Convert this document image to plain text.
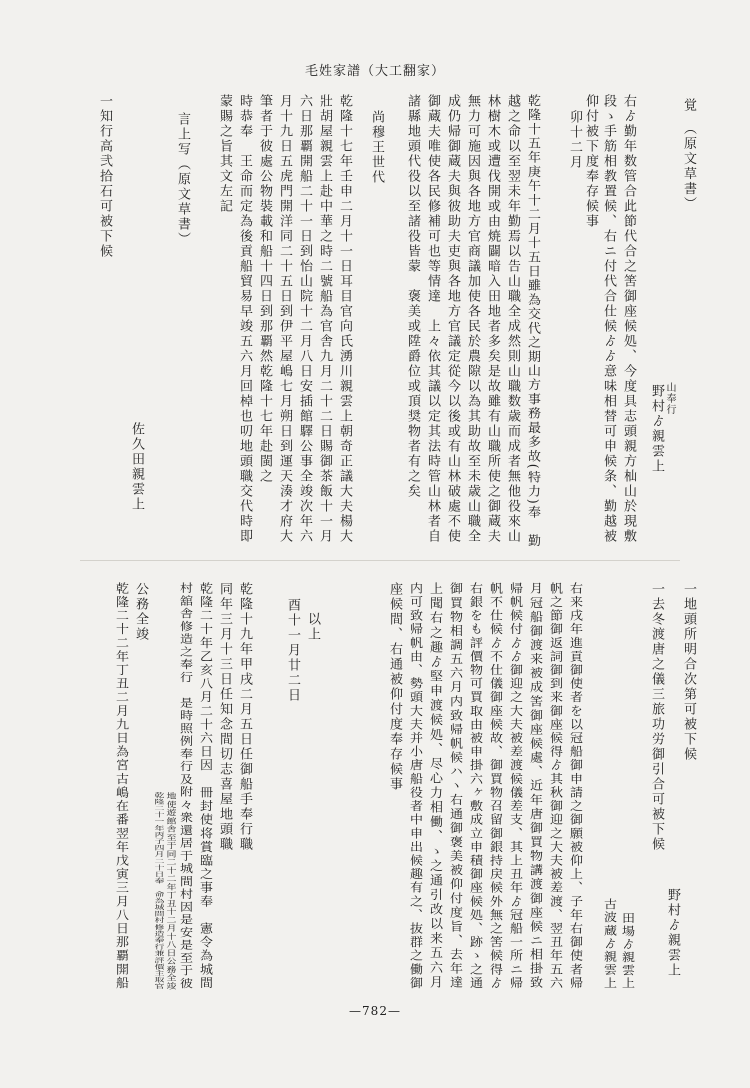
毛姓家譜（大工翻家）
覚　（原文草書）
山奉行
野村ゟ親雲上
右ゟ勤年数管合此節代合之筈御座候処、今度具志頭親方杣山於現敷
段ゝ手筋相教置候、右ニ付代合仕候ゟゟ意味相替可申候条、勤越被
仰付被下度奉存候事
卯十二月
乾隆十五年庚午十二月十五日雖為交代之期山方事務最多故(特力)奉　勤
越之命以至翌未年勤焉以告山職全成然則山職数歳而成者無他役來山
林樹木或遭伐開或由焼闢暗入田地者多矣是故雖有山職所使之御蔵夫
無力可施因與各地方官商議加使各民於農隙以為其助故至未歳山職全
成仍帰御蔵夫與彼助夫吏與各地方官議定從今以後或有山林破處不使
御蔵夫唯使各民修補可也等情達　上々依其議以定其法時管山林者自
諸縣地頭代役以至諸役皆蒙　褒美或陞爵位或頂奨物者有之矣
尚穆王世代
乾隆十七年壬申二月十一日耳目官向氏湧川親雲上朝奇正議大夫楊大
壯胡屋親雲上赴中華之時二號船為官舎九月二十二日賜御茶飯十一月
六日那覇開船二十一日到怡山院十二月八日安插館驛公事全竣次年六
月十九日五虎門開洋同二十五日到伊平屋嶋七月朔日到運天湊才府大
筆者于彼處公物裝載和船十四日到那覇然乾隆十七年赴閩之
時恭奉　王命而定為後貢船貿易早竣五六月回棹也叨地頭職交代時即
蒙賜之旨其文左記
言上写（原文草書）
佐久田親雲上
一知行高弐拾石可被下候
一地頭所明合次第可被下候
野村ゟ親雲上
一去冬渡唐之儀三旅功労御引合可被下候
田場ゟ親雲上
古波蔵ゟ親雲上
右来戌年進貢御使者を以冠船御申請之御願被仰上、子年右御使者帰
帆之節御返詞御到来御座候得ゟ其秋御迎之大夫被差渡、翌丑年五六
月冠船御渡来被成筈御座候處、近年唐御買物講渡御座候ニ相掛致
帰帆候付ゟゟ御迎之大夫被差渡候儀差支、其上丑年ゟ冠船一所ニ帰
帆不仕候ゟ不仕儀御座候故、御買物召留御銀持戻候外無之筈候得ゟ
右銀をも評價物可買取由被申掛六ヶ敷成立申積御座候処、跡ゝ之通
御買物相調五六月内致帰帆候ハヽ右通御褒美被仰付度旨、去年達
上聞右之趣ゟ堅申渡候処、尽心力相働、ゝ之通引改以来五六月
内可致帰帆由、勢頭大夫并小唐船役者中申出候趣有之、抜群之働御
座候間、右通被仰付度奉存候事
以上
酉十一月廿二日
乾隆十九年甲戌二月五日任御船手奉行職
同年三月十三日任知念間切志喜屋地頭職
乾隆二十年乙亥八月二十六日因　冊封使将賞臨之事奉　憲令為城間
村舘舎修造之奉行　是時照例奉行及附々衆還居于城間村因是安是至于彼
地使遊館舎至于同二十二年丁丑十二月十八日公務全竣
乾隆二十一年丙子四月二十日奉　命為城間村修造奉行兼評價主取官
公務全竣
乾隆二十二年丁丑二月九日為宮古嶋在番翌年戊寅三月八日那覇開船
—782—
